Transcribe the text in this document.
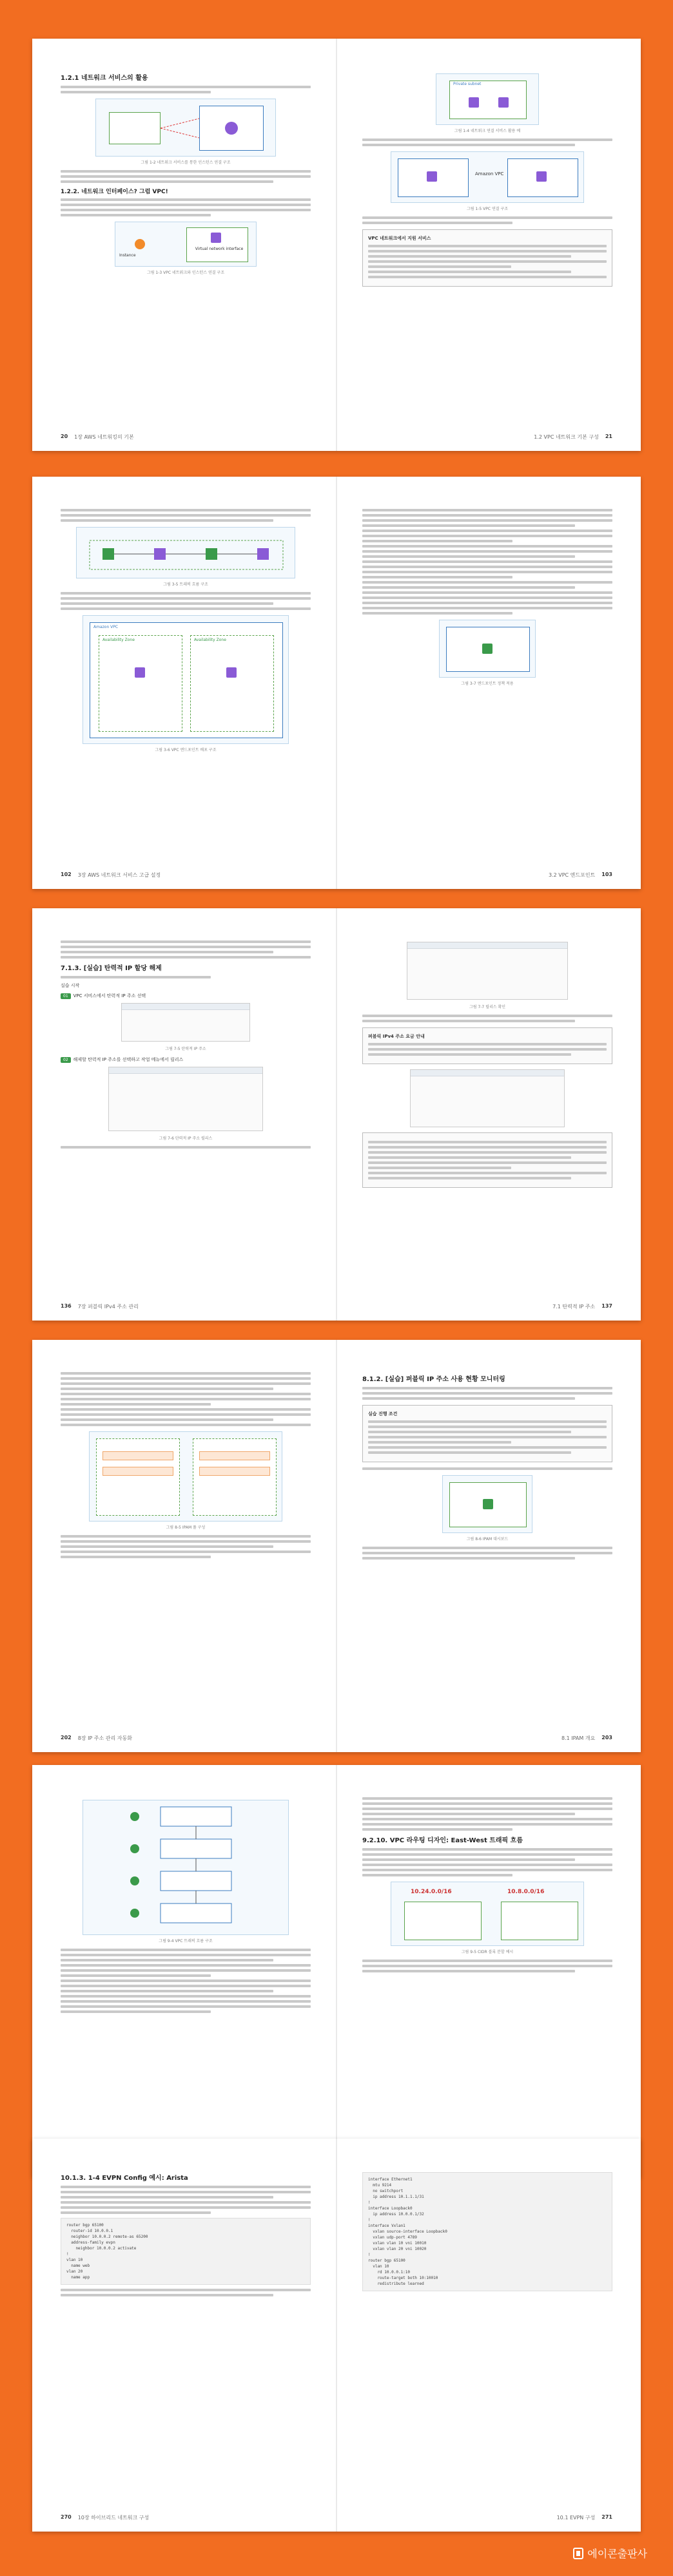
1.2.1 네트워크 서비스의 활용
그림 1-2 네트워크 서비스를 통한 인스턴스 연결 구조
1.2.2. 네트워크 인터페이스? 그럼 VPC!
Instance
Virtual network interface
그림 1-3 VPC 네트워크와 인스턴스 연결 구조
20 1장 AWS 네트워킹의 기본
Private subnet
그림 1-4 네트워크 연결 서비스 활용 예
Amazon VPC
그림 1-5 VPC 연결 구조
VPC 네트워크에서 지원 서비스
1.2 VPC 네트워크 기본 구성 21
그림 3-5 트래픽 흐름 구조
Amazon VPC
Availability Zone	Availability Zone
그림 3-6 VPC 엔드포인트 배포 구조
102 3장 AWS 네트워크 서비스 고급 설정
그림 3-7 엔드포인트 정책 적용
3.2 VPC 엔드포인트 103
7.1.3. [실습] 탄력적 IP 할당 해제
실습 시작
01 VPC 서비스에서 탄력적 IP 주소 선택
그림 7-5 탄력적 IP 주소
02 해제할 탄력적 IP 주소를 선택하고 작업 메뉴에서 릴리스
그림 7-6 탄력적 IP 주소 릴리스
136 7장 퍼블릭 IPv4 주소 관리
그림 7-7 릴리스 확인
퍼블릭 IPv4 주소 요금 안내
7.1 탄력적 IP 주소 137
그림 8-5 IPAM 풀 구성
202 8장 IP 주소 관리 자동화
8.1.2. [실습] 퍼블릭 IP 주소 사용 현황 모니터링
실습 진행 조건
그림 8-6 IPAM 대시보드
8.1 IPAM 개요 203
그림 9-4 VPC 트래픽 흐름 구조
9.2.10. VPC 라우팅 디자인: East-West 트래픽 흐름
10.24.0.0/16	10.8.0.0/16
그림 9-5 CIDR 블록 분할 예시
10.1.3. 1-4 EVPN Config 예시: Arista
router bgp 65100
router-id 10.0.0.1
neighbor 10.0.0.2 remote-as 65200
address-family evpn
neighbor 10.0.0.2 activate
!
vlan 10
name web
vlan 20
name app
270 10장 하이브리드 네트워크 구성
interface Ethernet1
mtu 9214
no switchport
ip address 10.1.1.1/31
!
interface Loopback0
ip address 10.0.0.1/32
!
interface Vxlan1
vxlan source-interface Loopback0
vxlan udp-port 4789
vxlan vlan 10 vni 10010
vxlan vlan 20 vni 10020
!
router bgp 65100
vlan 10
rd 10.0.0.1:10
route-target both 10:10010
redistribute learned
10.1 EVPN 구성 271
에이콘출판사
